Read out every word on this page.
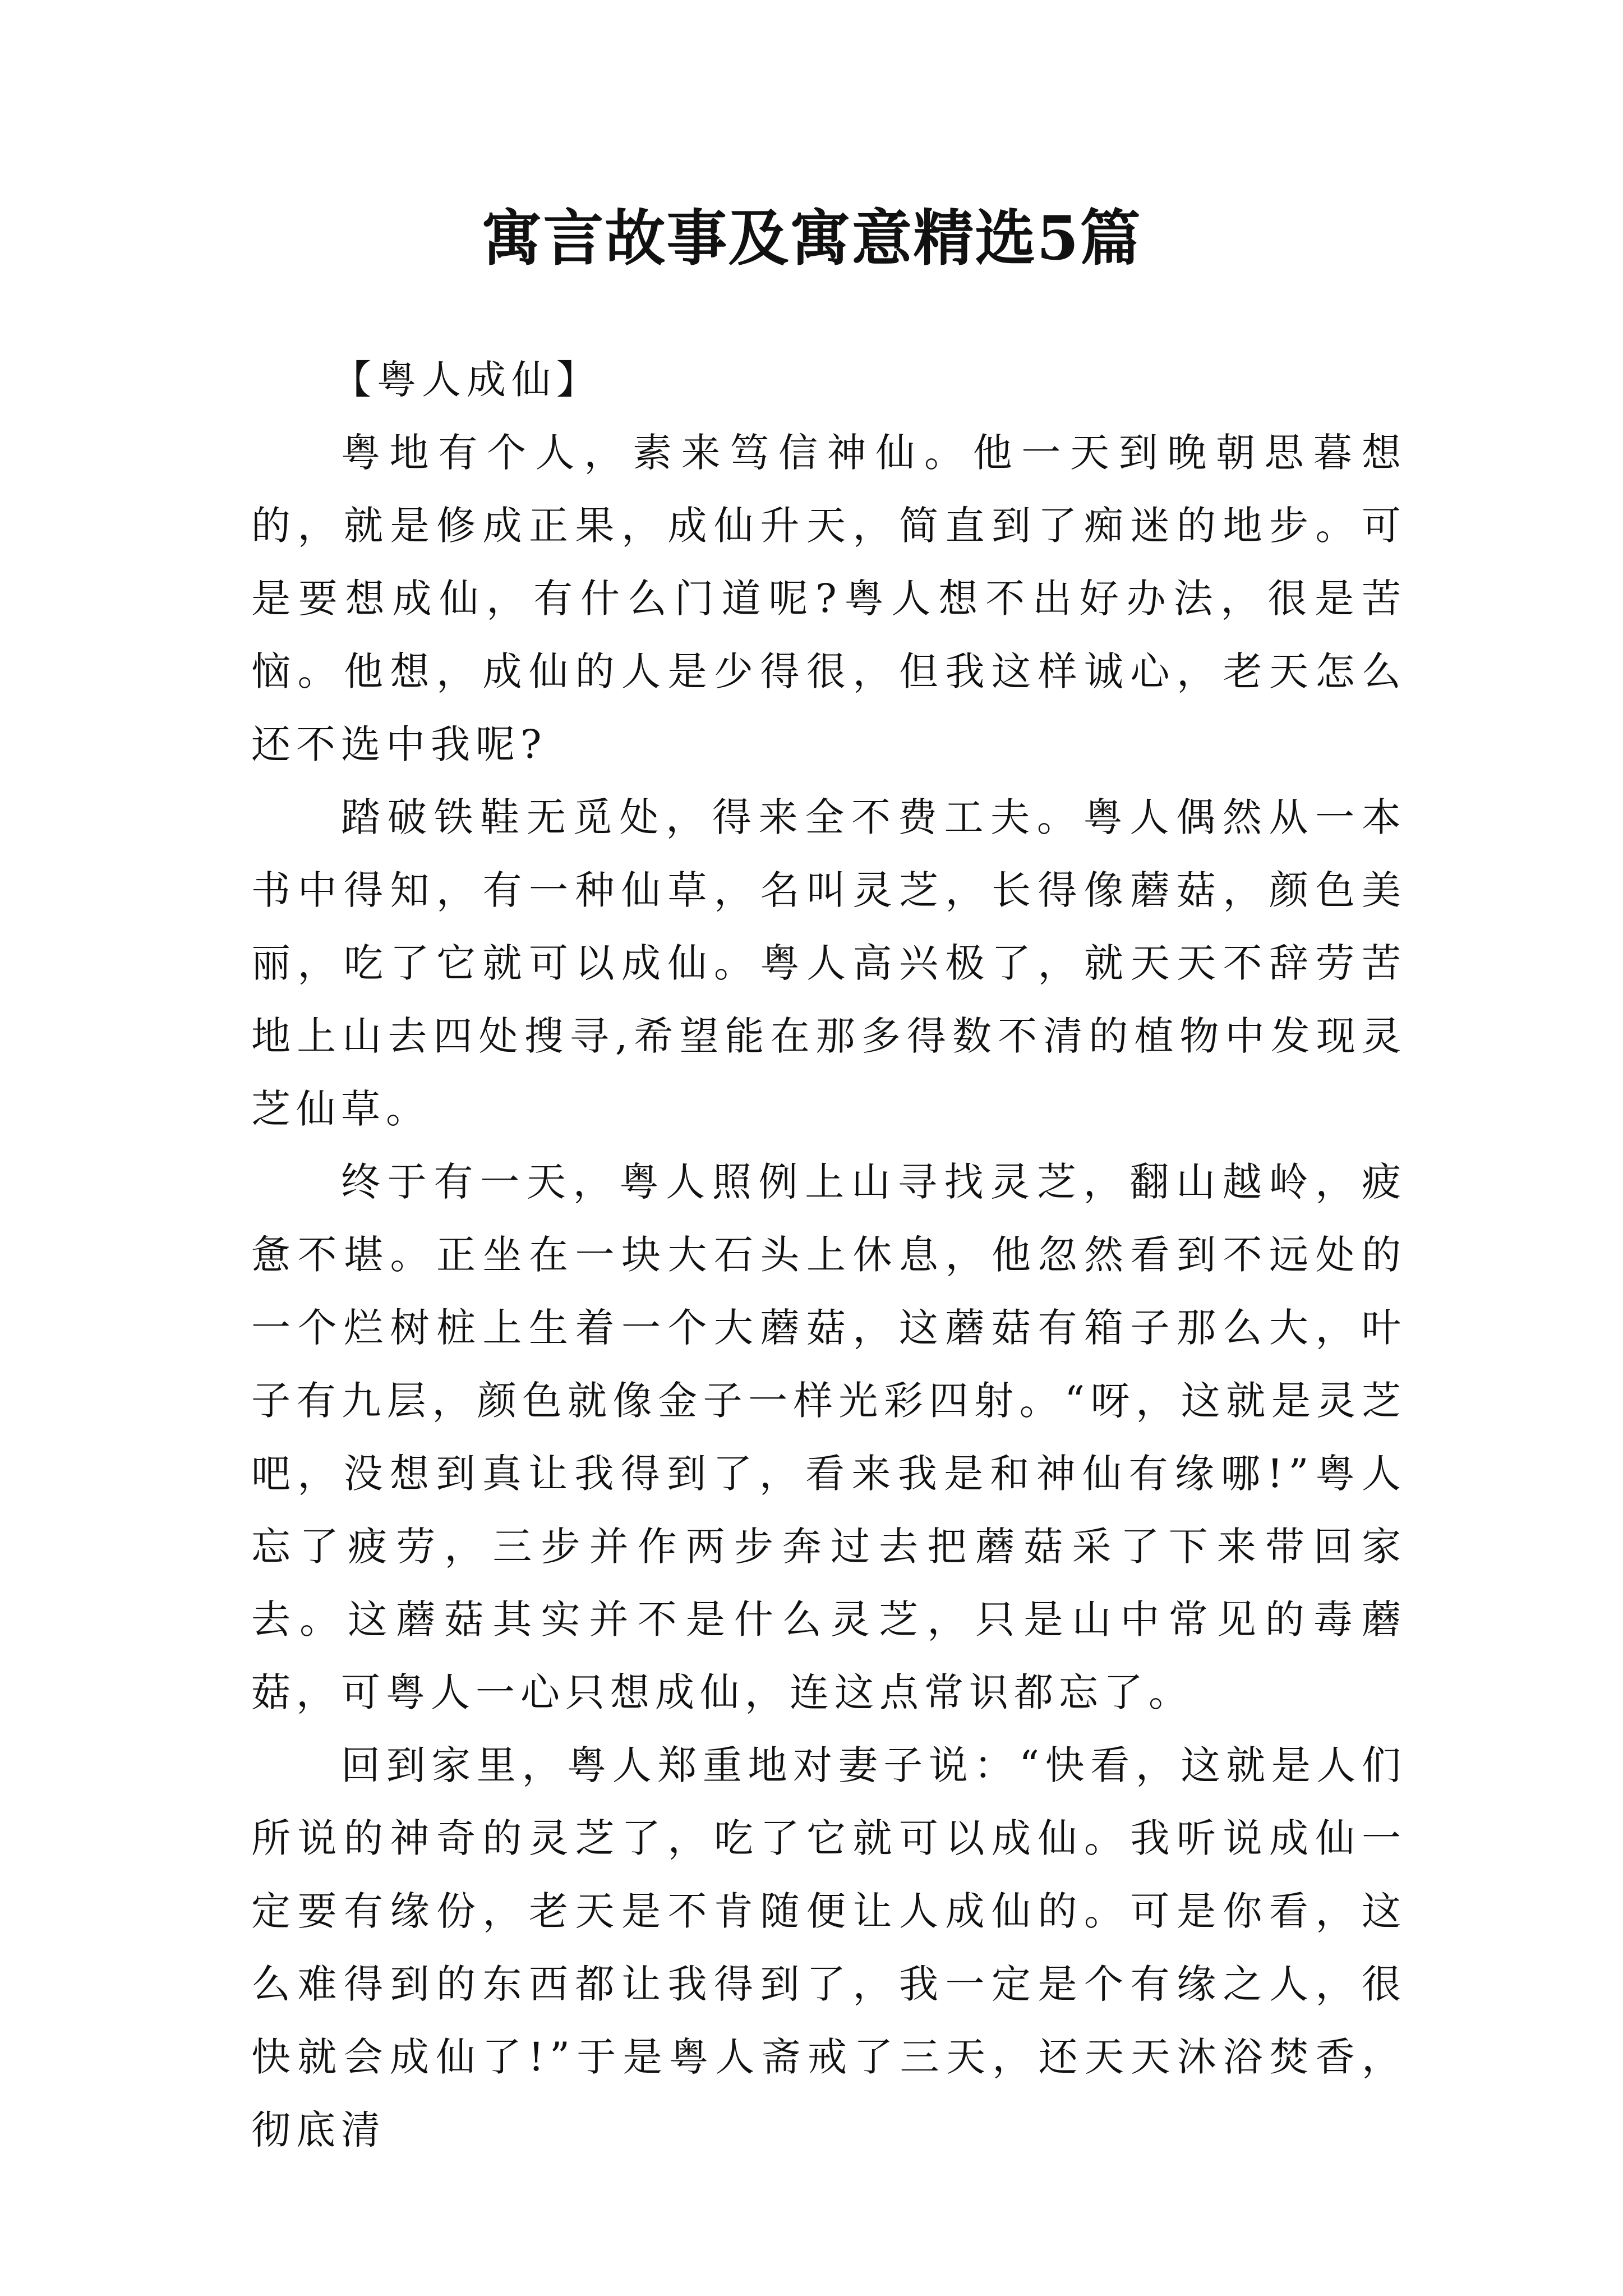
寓言故事及寓意精选5篇

【粤人成仙】

粤地有个人，素来笃信神仙。他一天到晚朝思暮想的，就是修成正果，成仙升天，简直到了痴迷的地步。可是要想成仙，有什么门道呢?粤人想不出好办法，很是苦恼。他想，成仙的人是少得很，但我这样诚心，老天怎么还不选中我呢?

踏破铁鞋无觅处，得来全不费工夫。粤人偶然从一本书中得知，有一种仙草，名叫灵芝，长得像蘑菇，颜色美丽，吃了它就可以成仙。粤人高兴极了，就天天不辞劳苦地上山去四处搜寻,希望能在那多得数不清的植物中发现灵芝仙草。

终于有一天，粤人照例上山寻找灵芝，翻山越岭，疲惫不堪。正坐在一块大石头上休息，他忽然看到不远处的一个烂树桩上生着一个大蘑菇，这蘑菇有箱子那么大，叶子有九层，颜色就像金子一样光彩四射。“呀，这就是灵芝吧，没想到真让我得到了，看来我是和神仙有缘哪!”粤人忘了疲劳，三步并作两步奔过去把蘑菇采了下来带回家去。这蘑菇其实并不是什么灵芝，只是山中常见的毒蘑菇，可粤人一心只想成仙，连这点常识都忘了。

回到家里，粤人郑重地对妻子说：“快看，这就是人们所说的神奇的灵芝了，吃了它就可以成仙。我听说成仙一定要有缘份，老天是不肯随便让人成仙的。可是你看，这么难得到的东西都让我得到了，我一定是个有缘之人，很快就会成仙了!”于是粤人斋戒了三天，还天天沐浴焚香，彻底清
